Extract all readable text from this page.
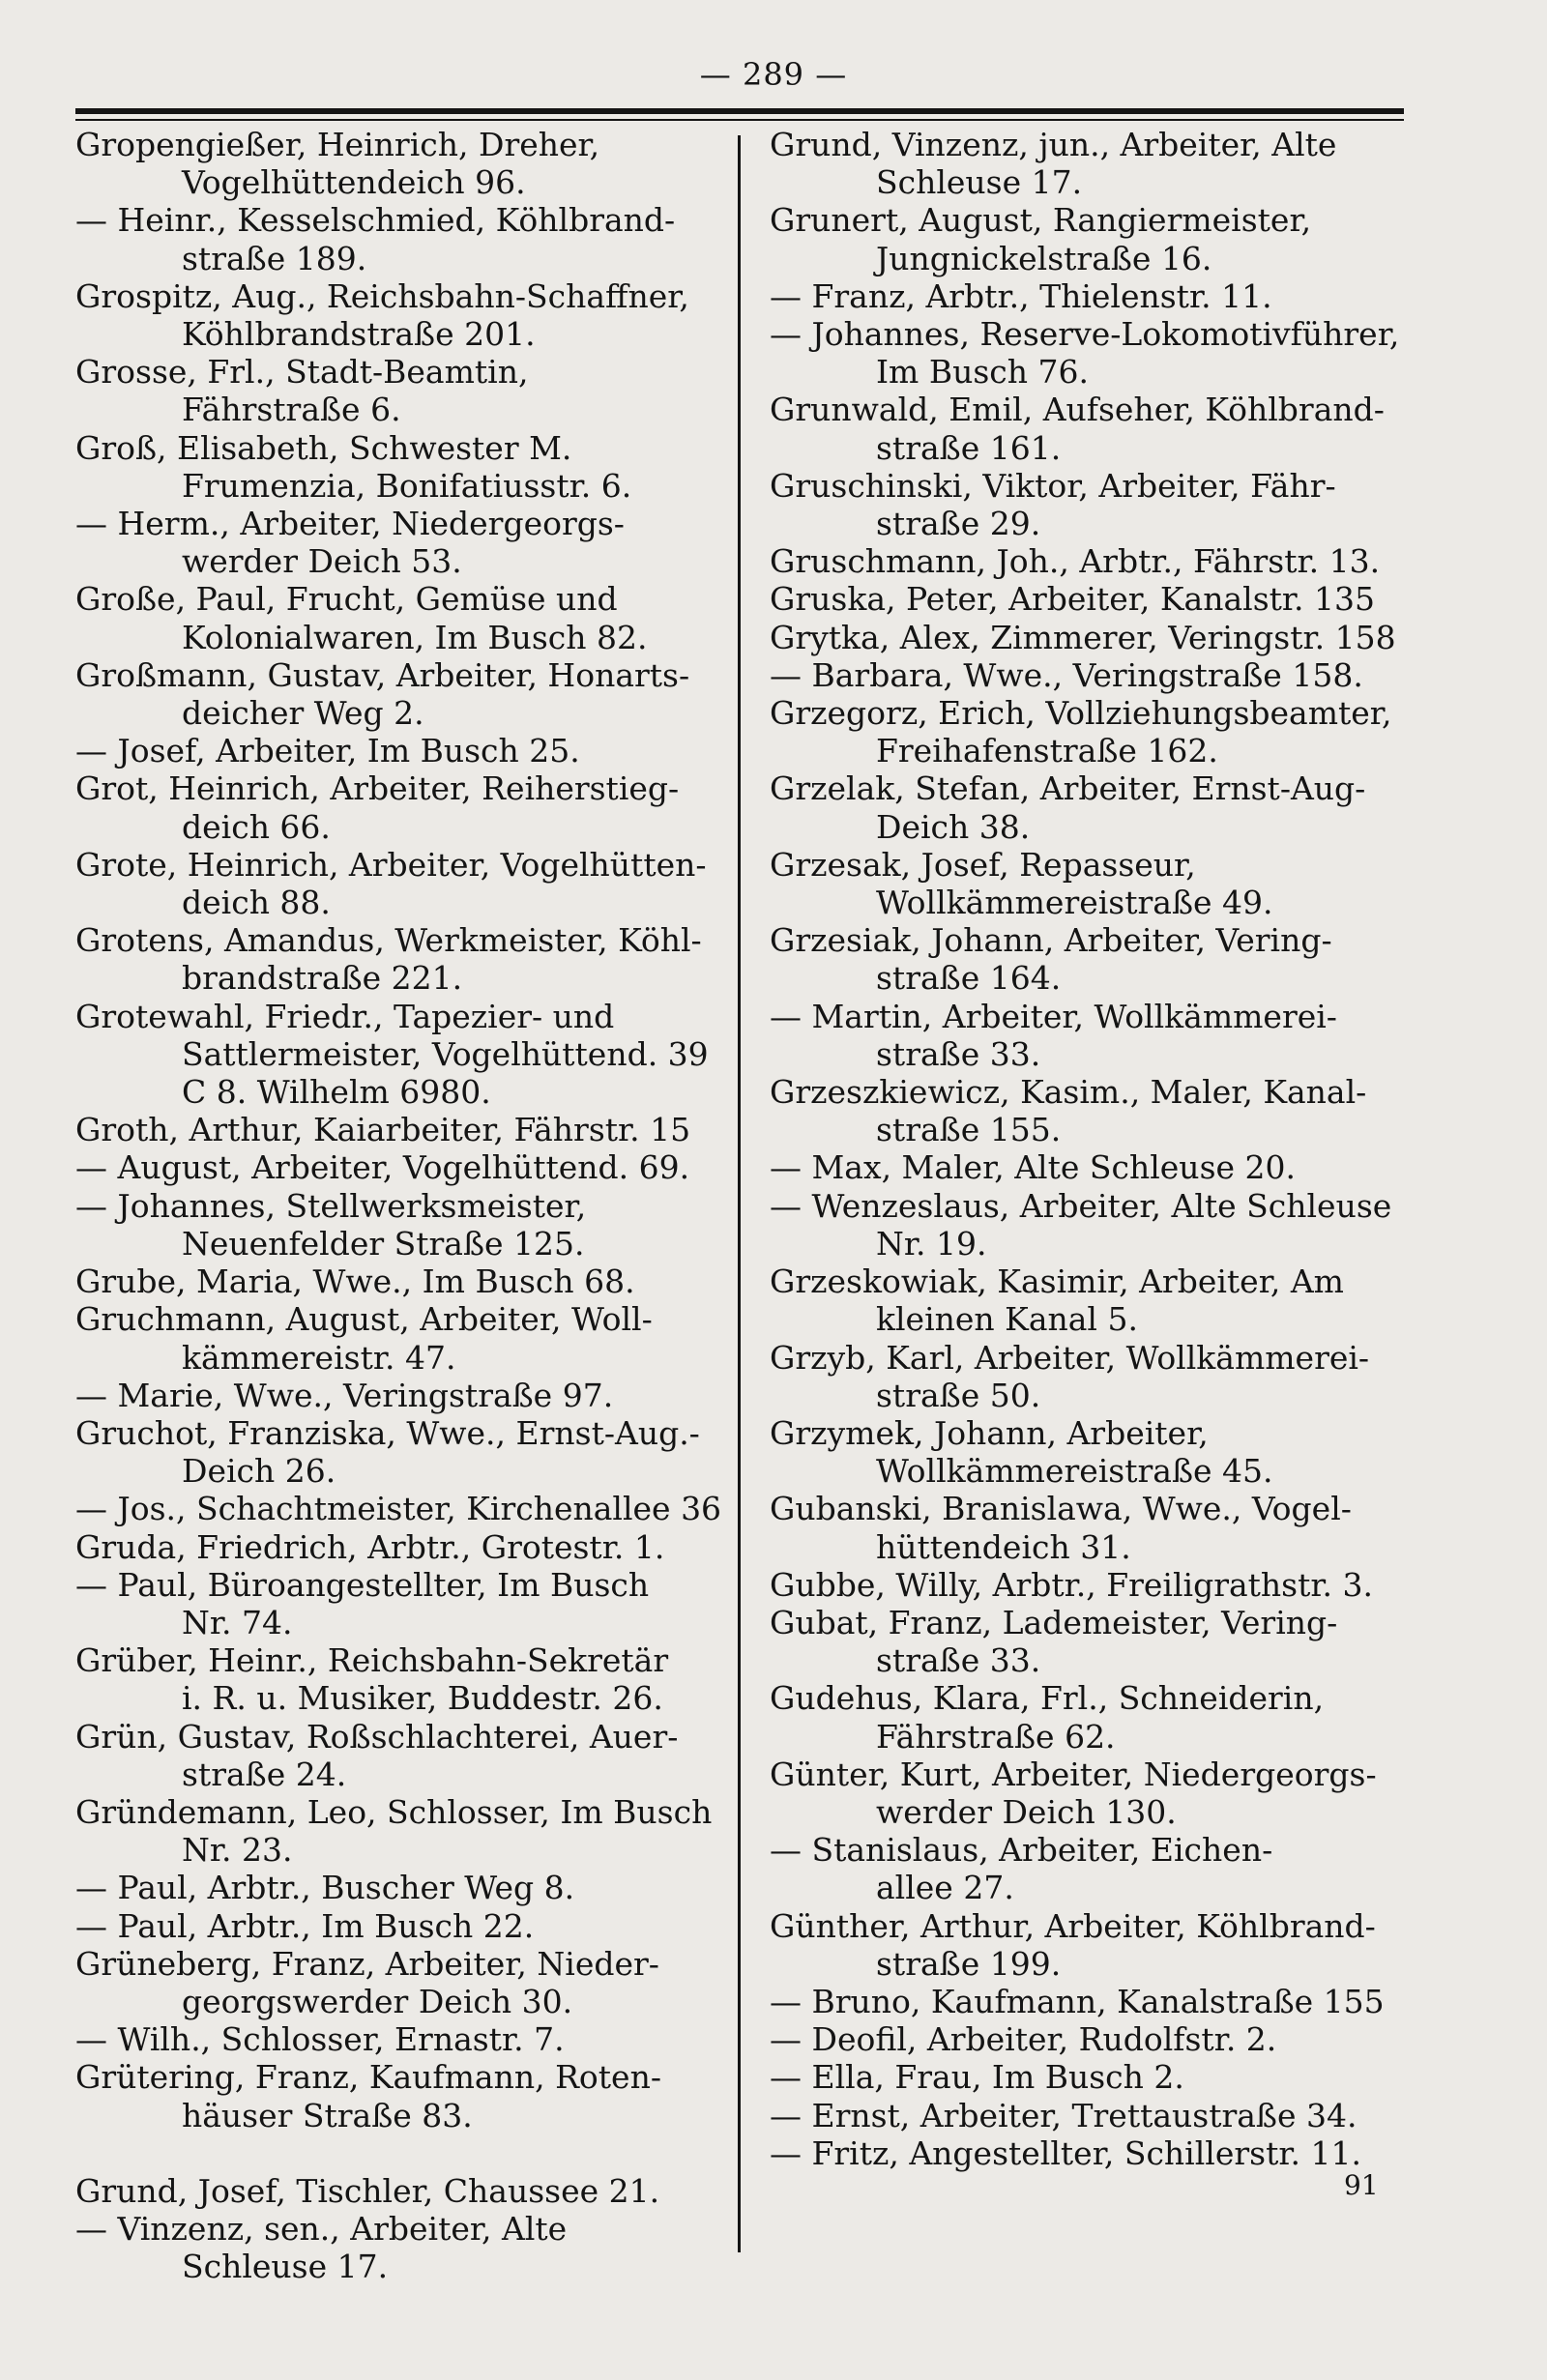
— 289 —

Gropengießer, Heinrich, Dreher,
Vogelhüttendeich 96.

— Heinr., Kesselschmied, Köhlbrand-
straße 189.

Grospitz, Aug., Reichsbahn-Schaffner,
Köhlbrandstraße 201.

Grosse, Frl., Stadt-Beamtin,
Fährstraße 6.

Groß, Elisabeth, Schwester M.
Frumenzia, Bonifatiusstr. 6.

— Herm., Arbeiter, Niedergeorgs-
werder Deich 53.

Große, Paul, Frucht, Gemüse und
Kolonialwaren, Im Busch 82.

Großmann, Gustav, Arbeiter, Honarts-
deicher Weg 2.

— Josef, Arbeiter, Im Busch 25.

Grot, Heinrich, Arbeiter, Reiherstieg-
deich 66.

Grote, Heinrich, Arbeiter, Vogelhütten-
deich 88.

Grotens, Amandus, Werkmeister, Köhl-
brandstraße 221.

Grotewahl, Friedr., Tapezier- und
Sattlermeister, Vogelhüttend. 39
C 8. Wilhelm 6980.

Groth, Arthur, Kaiarbeiter, Fährstr. 15

— August, Arbeiter, Vogelhüttend. 69.

— Johannes, Stellwerksmeister,
Neuenfelder Straße 125.

Grube, Maria, Wwe., Im Busch 68.

Gruchmann, August, Arbeiter, Woll-
kämmereistr. 47.

— Marie, Wwe., Veringstraße 97.

Gruchot, Franziska, Wwe., Ernst-Aug.-
Deich 26.

— Jos., Schachtmeister, Kirchenallee 36

Gruda, Friedrich, Arbtr., Grotestr. 1.

— Paul, Büroangestellter, Im Busch
Nr. 74.

Grüber, Heinr., Reichsbahn-Sekretär
i. R. u. Musiker, Buddestr. 26.

Grün, Gustav, Roßschlachterei, Auer-
straße 24.

Gründemann, Leo, Schlosser, Im Busch
Nr. 23.

— Paul, Arbtr., Buscher Weg 8.

— Paul, Arbtr., Im Busch 22.

Grüneberg, Franz, Arbeiter, Nieder-
georgswerder Deich 30.

— Wilh., Schlosser, Ernastr. 7.

Grütering, Franz, Kaufmann, Roten-
häuser Straße 83.

Grund, Josef, Tischler, Chaussee 21.

— Vinzenz, sen., Arbeiter, Alte
Schleuse 17.

Grund, Vinzenz, jun., Arbeiter, Alte
Schleuse 17.

Grunert, August, Rangiermeister,
Jungnickelstraße 16.

— Franz, Arbtr., Thielenstr. 11.

— Johannes, Reserve-Lokomotivführer,
Im Busch 76.

Grunwald, Emil, Aufseher, Köhlbrand-
straße 161.

Gruschinski, Viktor, Arbeiter, Fähr-
straße 29.

Gruschmann, Joh., Arbtr., Fährstr. 13.

Gruska, Peter, Arbeiter, Kanalstr. 135

Grytka, Alex, Zimmerer, Veringstr. 158

— Barbara, Wwe., Veringstraße 158.

Grzegorz, Erich, Vollziehungsbeamter,
Freihafenstraße 162.

Grzelak, Stefan, Arbeiter, Ernst-Aug-
Deich 38.

Grzesak, Josef, Repasseur,
Wollkämmereistraße 49.

Grzesiak, Johann, Arbeiter, Vering-
straße 164.

— Martin, Arbeiter, Wollkämmerei-
straße 33.

Grzeszkiewicz, Kasim., Maler, Kanal-
straße 155.

— Max, Maler, Alte Schleuse 20.

— Wenzeslaus, Arbeiter, Alte Schleuse
Nr. 19.

Grzeskowiak, Kasimir, Arbeiter, Am
kleinen Kanal 5.

Grzyb, Karl, Arbeiter, Wollkämmerei-
straße 50.

Grzymek, Johann, Arbeiter,
Wollkämmereistraße 45.

Gubanski, Branislawa, Wwe., Vogel-
hüttendeich 31.

Gubbe, Willy, Arbtr., Freiligrathstr. 3.

Gubat, Franz, Lademeister, Vering-
straße 33.

Gudehus, Klara, Frl., Schneiderin,
Fährstraße 62.

Günter, Kurt, Arbeiter, Niedergeorgs-
werder Deich 130.

— Stanislaus, Arbeiter, Eichen-
allee 27.

Günther, Arthur, Arbeiter, Köhlbrand-
straße 199.

— Bruno, Kaufmann, Kanalstraße 155

— Deofil, Arbeiter, Rudolfstr. 2.

— Ella, Frau, Im Busch 2.

— Ernst, Arbeiter, Trettaustraße 34.

— Fritz, Angestellter, Schillerstr. 11.

91
